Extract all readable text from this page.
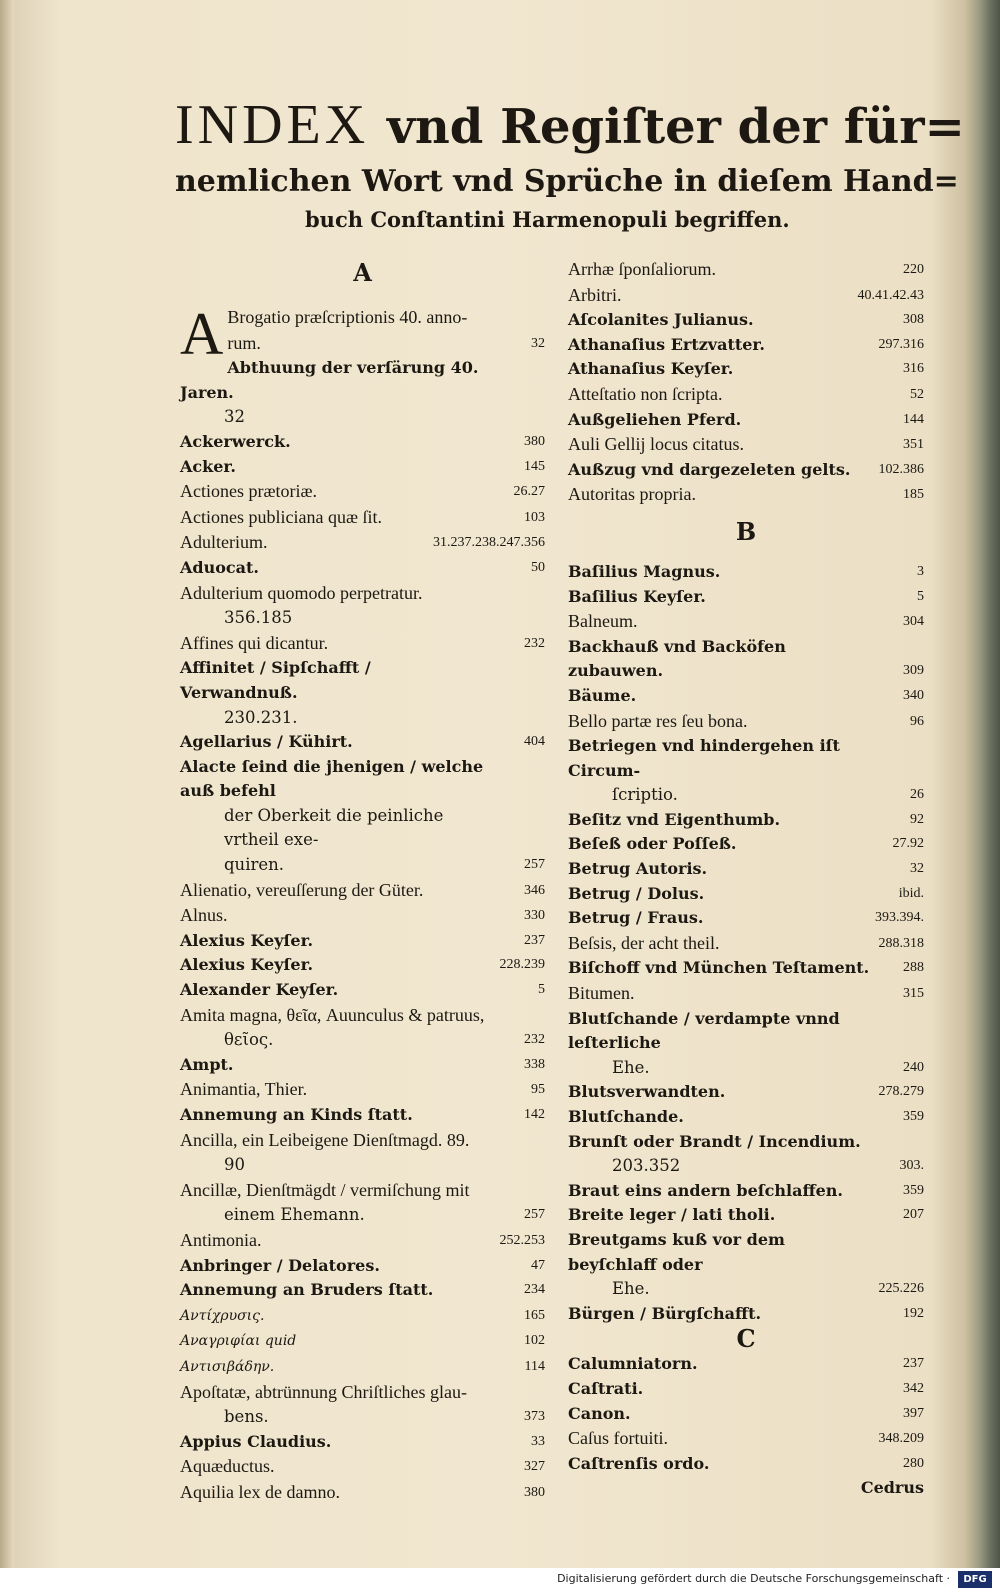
INDEX vnd Regiſter der für=
nemlichen Wort vnd Sprüche in dieſem Hand=
buch Conſtantini Harmenopuli begriffen.
A
A Brogatio præſcriptionis 40. anno- rum.	32
Abthuung der verſärung 40. Jaren.
32
Ackerwerck.	380
Acker.	145
Actiones prætoriæ.	26.27
Actiones publiciana quæ ſit.	103
Adulterium.	31.237.238.247.356
Aduocat.	50
Adulterium quomodo perpetratur.
356.185
Affines qui dicantur.	232
Affinitet / Sipſchafft / Verwandnuß.
230.231.
Agellarius / Kühirt.	404
Alacte ſeind die jhenigen / welche auß befehl
der Oberkeit die peinliche vrtheil exe-
quiren.	257
Alienatio, vereuſſerung der Güter.	346
Alnus.	330
Alexius Keyſer.	237
Alexius Keyſer.	228.239
Alexander Keyſer.	5
Amita magna, θεῖα, Auunculus & patruus,
θεῖος.	232
Ampt.	338
Animantia, Thier.	95
Annemung an Kinds ſtatt.	142
Ancilla, ein Leibeigene Dienſtmagd. 89.
90
Ancillæ, Dienſtmägdt / vermiſchung mit
einem Ehemann.	257
Antimonia.	252.253
Anbringer / Delatores.	47
Annemung an Bruders ſtatt.	234
Αντίχρυσις.	165
Αναγριφίαι quid	102
Αντισιβάδην.	114
Apoſtatæ, abtrünnung Chriſtliches glau-
bens.	373
Appius Claudius.	33
Aquæductus.	327
Aquilia lex de damno.	380
Arrhæ ſponſaliorum.	220
Arbitri.	40.41.42.43
Aſcolanites Julianus.	308
Athanaſius Ertzvatter.	297.316
Athanaſius Keyſer.	316
Atteſtatio non ſcripta.	52
Außgeliehen Pferd.	144
Auli Gellij locus citatus.	351
Außzug vnd dargezeleten gelts. 102.386
Autoritas propria.	185
B
Baſilius Magnus.	3
Baſilius Keyſer.	5
Balneum.	304
Backhauß vnd Backöfen zubauwen.	309
Bäume.	340
Bello partæ res ſeu bona.	96
Betriegen vnd hindergehen iſt Circum-
ſcriptio.	26
Beſitz vnd Eigenthumb.	92
Beſeß oder Poſſeß.	27.92
Betrug Autoris.	32
Betrug / Dolus.	ibid.
Betrug / Fraus.	393.394.
Beſsis, der acht theil.	288.318
Biſchoff vnd München Teſtament. 288
Bitumen.	315
Blutſchande / verdampte vnnd leſterliche
Ehe.	240
Blutsverwandten.	278.279
Blutſchande.	359
Brunſt oder Brandt / Incendium.
203.352	303.
Braut eins andern beſchlaffen.	359
Breite leger / lati tholi.	207
Breutgams kuß vor dem beyſchlaff oder
Ehe.	225.226
Bürgen / Bürgſchafft.	192
C
Calumniatorn.	237
Caſtrati.	342
Canon.	397
Caſus fortuiti.	348.209
Caſtrenſis ordo.	280
Cedrus
Digitalisierung gefördert durch die Deutsche Forschungsgemeinschaft ·	DFG
